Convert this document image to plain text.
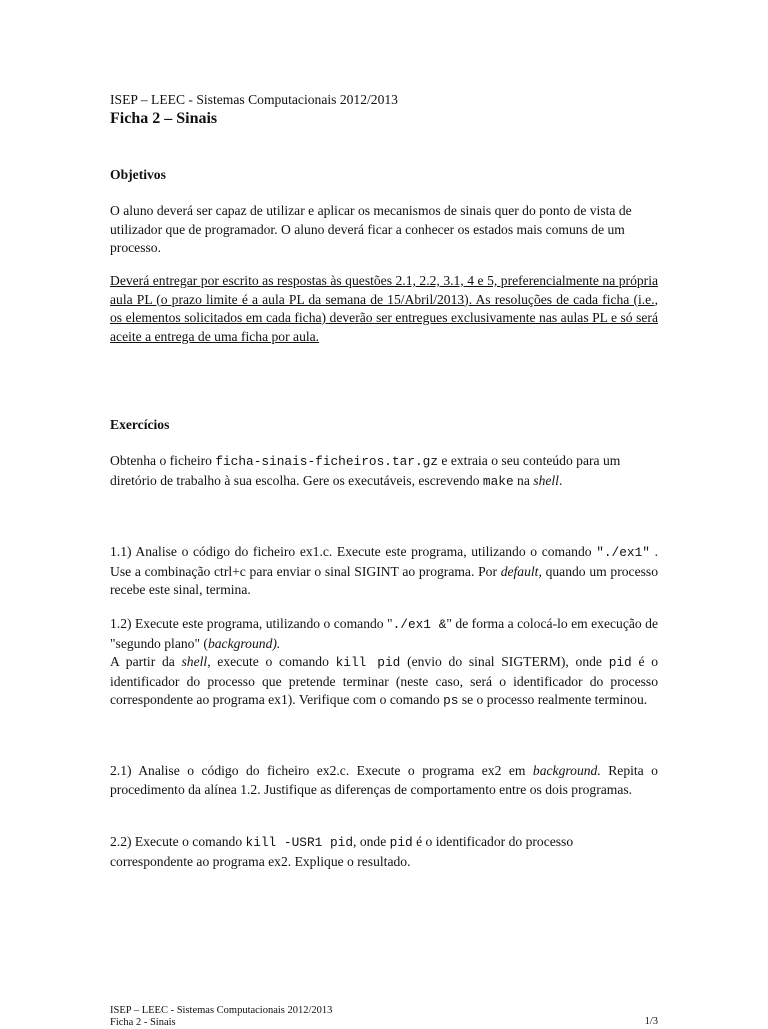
ISEP – LEEC - Sistemas Computacionais 2012/2013
Ficha 2 – Sinais
Objetivos
O aluno deverá ser capaz de utilizar e aplicar os mecanismos de sinais quer do ponto de vista de utilizador que de programador. O aluno deverá ficar a conhecer os estados mais comuns de um processo.
Deverá entregar por escrito as respostas às questões 2.1, 2.2, 3.1, 4 e 5, preferencialmente na própria aula PL (o prazo limite é a aula PL da semana de 15/Abril/2013). As resoluções de cada ficha (i.e., os elementos solicitados em cada ficha) deverão ser entregues exclusivamente nas aulas PL e só será aceite a entrega de uma ficha por aula.
Exercícios
Obtenha o ficheiro ficha-sinais-ficheiros.tar.gz e extraia o seu conteúdo para um diretório de trabalho à sua escolha. Gere os executáveis, escrevendo make na shell.
1.1) Analise o código do ficheiro ex1.c. Execute este programa, utilizando o comando "./ex1" . Use a combinação ctrl+c para enviar o sinal SIGINT ao programa. Por default, quando um processo recebe este sinal, termina.
1.2) Execute este programa, utilizando o comando "./ex1 &" de forma a colocá-lo em execução de "segundo plano" (background).
A partir da shell, execute o comando kill pid (envio do sinal SIGTERM), onde pid é o identificador do processo que pretende terminar (neste caso, será o identificador do processo correspondente ao programa ex1). Verifique com o comando ps se o processo realmente terminou.
2.1) Analise o código do ficheiro ex2.c. Execute o programa ex2 em background. Repita o procedimento da alínea 1.2. Justifique as diferenças de comportamento entre os dois programas.
2.2) Execute o comando kill -USR1 pid, onde pid é o identificador do processo correspondente ao programa ex2. Explique o resultado.
ISEP – LEEC - Sistemas Computacionais 2012/2013
Ficha 2 - Sinais	1/3
